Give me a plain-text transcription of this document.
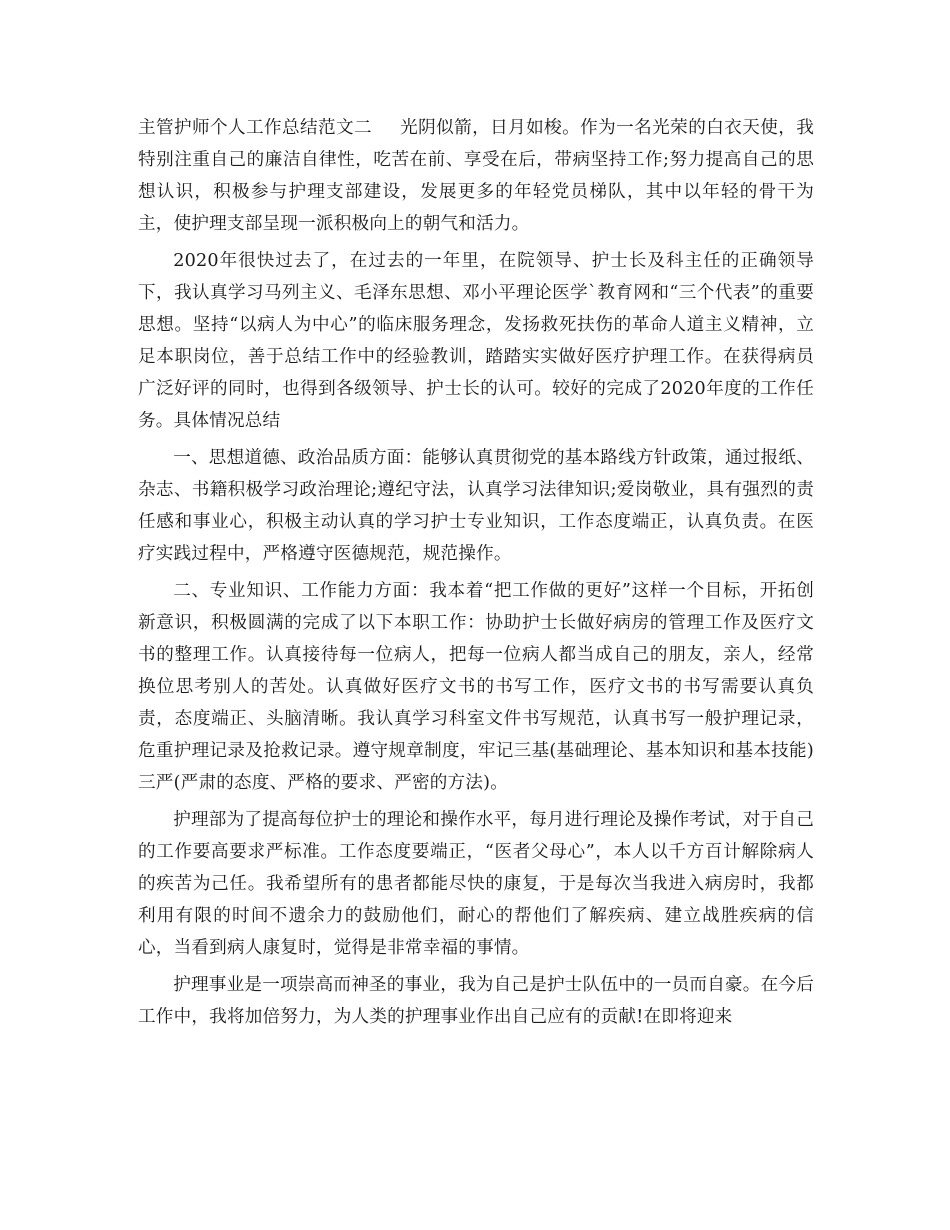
主管护师个人工作总结范文二 光阴似箭，日月如梭。作为一名光荣的白衣天使，我特别注重自己的廉洁自律性，吃苦在前、享受在后，带病坚持工作;努力提高自己的思想认识，积极参与护理支部建设，发展更多的年轻党员梯队，其中以年轻的骨干为主，使护理支部呈现一派积极向上的朝气和活力。

2020年很快过去了，在过去的一年里，在院领导、护士长及科主任的正确领导下，我认真学习马列主义、毛泽东思想、邓小平理论医学`教育网和“三个代表”的重要思想。坚持“以病人为中心”的临床服务理念，发扬救死扶伤的革命人道主义精神，立足本职岗位，善于总结工作中的经验教训，踏踏实实做好医疗护理工作。在获得病员广泛好评的同时，也得到各级领导、护士长的认可。较好的完成了2020年度的工作任务。具体情况总结

一、思想道德、政治品质方面：能够认真贯彻党的基本路线方针政策，通过报纸、杂志、书籍积极学习政治理论;遵纪守法，认真学习法律知识;爱岗敬业，具有强烈的责任感和事业心，积极主动认真的学习护士专业知识，工作态度端正，认真负责。在医疗实践过程中，严格遵守医德规范，规范操作。

二、专业知识、工作能力方面：我本着“把工作做的更好”这样一个目标，开拓创新意识，积极圆满的完成了以下本职工作：协助护士长做好病房的管理工作及医疗文书的整理工作。认真接待每一位病人，把每一位病人都当成自己的朋友，亲人，经常换位思考别人的苦处。认真做好医疗文书的书写工作，医疗文书的书写需要认真负责，态度端正、头脑清晰。我认真学习科室文件书写规范，认真书写一般护理记录，危重护理记录及抢救记录。遵守规章制度，牢记三基(基础理论、基本知识和基本技能)三严(严肃的态度、严格的要求、严密的方法)。

护理部为了提高每位护士的理论和操作水平，每月进行理论及操作考试，对于自己的工作要高要求严标准。工作态度要端正，“医者父母心”，本人以千方百计解除病人的疾苦为己任。我希望所有的患者都能尽快的康复，于是每次当我进入病房时，我都利用有限的时间不遗余力的鼓励他们，耐心的帮他们了解疾病、建立战胜疾病的信心，当看到病人康复时，觉得是非常幸福的事情。

护理事业是一项崇高而神圣的事业，我为自己是护士队伍中的一员而自豪。在今后工作中，我将加倍努力，为人类的护理事业作出自己应有的贡献!在即将迎来
